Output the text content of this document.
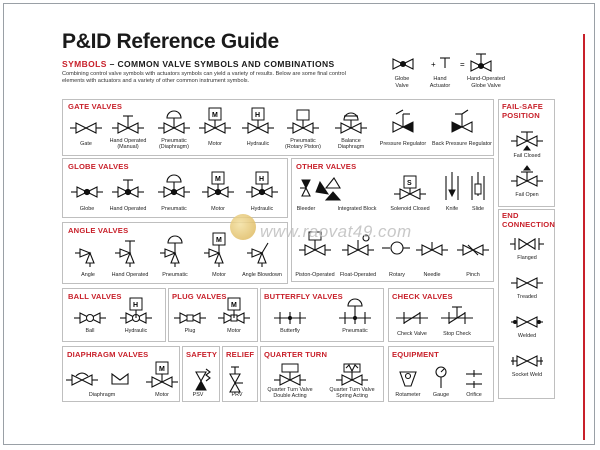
P&ID Reference Guide
SYMBOLS – COMMON VALVE SYMBOLS AND COMBINATIONS
Combining control valve symbols with actuators symbols can yield a variety of results. Below are some final control elements with actuators and a variety of other common instrument symbols.
+	=
Globe
Valve
Hand
Actuator
Hand-Operated
Globe Valve
GATE VALVES	FAIL-SAFE
POSITION
GLOBE VALVES	OTHER VALVES
END
CONNECTION
ANGLE VALVES
BALL VALVES	PLUG VALVES	BUTTERFLY VALVES	CHECK VALVES
DIAPHRAGM VALVES	SAFETY RELIEF QUARTER TURN	EQUIPMENT
S
Gate	Hand Operated
(Manual)
Pneumatic
(Diaphragm)
Motor	Hydraulic	Pneumatic
(Rotary Piston)
Balance
Diaphragm
Pressure Regulator Back Pressure Regulator
Fail Closed
Fail Open
Globe	Hand Operated	Pneumatic	Motor	Hydraulic	Bleeder	Integrated Block	Solenoid Closed	Knife	Slide
Flanged
Treaded
Welded
Socket Weld
Angle	Hand Operated	Pneumatic	Motor	Angle Blowdown Piston-Operated Float-Operated Rotary	Needle	Pinch
Ball	Hydraulic	Plug	Motor	Butterfly	Pneumatic	Check Valve	Stop Check
Diaphragm	Motor	PSV	PRV
Quarter Turn Valve
Double Acting
Quarter Turn Valve
Spring Acting	Rotameter Gauge	Orifice
www.raovat49.com
